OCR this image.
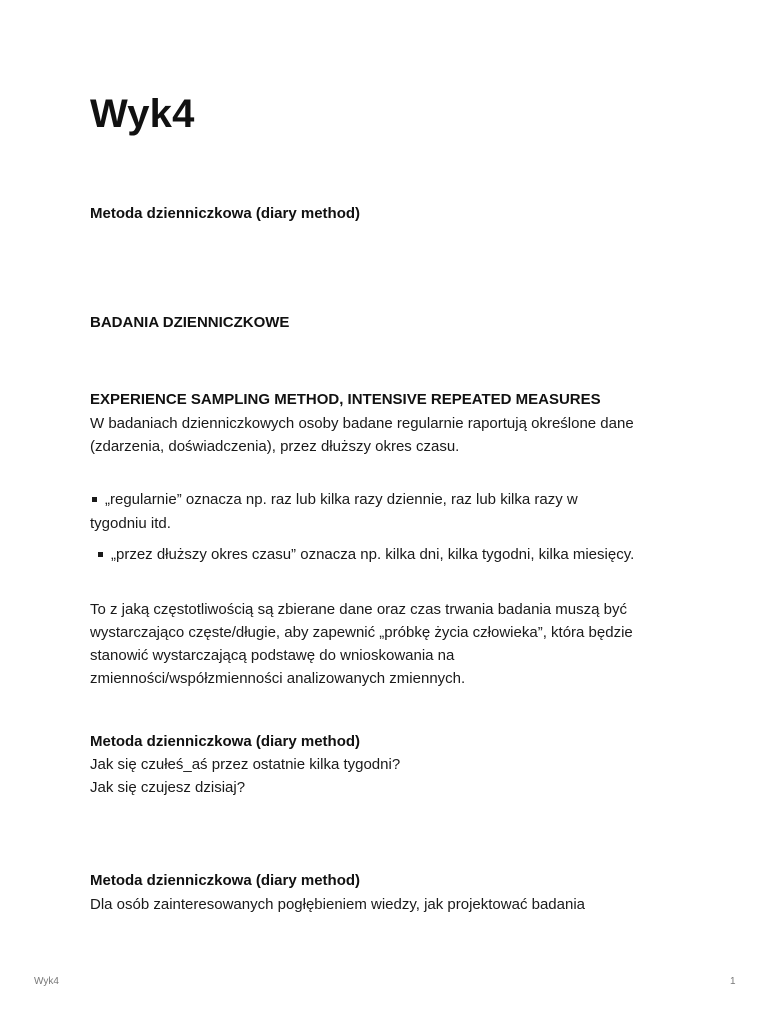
Wyk4

Metoda dzienniczkowa (diary method)

BADANIA DZIENNICZKOWE

EXPERIENCE SAMPLING METHOD, INTENSIVE REPEATED MEASURES

W badaniach dzienniczkowych osoby badane regularnie raportują określone dane

(zdarzenia, doświadczenia), przez dłuższy okres czasu.

„regularnie” oznacza np. raz lub kilka razy dziennie, raz lub kilka razy w

tygodniu itd.

„przez dłuższy okres czasu” oznacza np. kilka dni, kilka tygodni, kilka miesięcy.

To z jaką częstotliwością są zbierane dane oraz czas trwania badania muszą być

wystarczająco częste/długie, aby zapewnić „próbkę życia człowieka”, która będzie

stanowić wystarczającą podstawę do wnioskowania na

zmienności/współzmienności analizowanych zmiennych.

Metoda dzienniczkowa (diary method)

Jak się czułeś_aś przez ostatnie kilka tygodni?

Jak się czujesz dzisiaj?

Metoda dzienniczkowa (diary method)

Dla osób zainteresowanych pogłębieniem wiedzy, jak projektować badania

Wyk4	1
